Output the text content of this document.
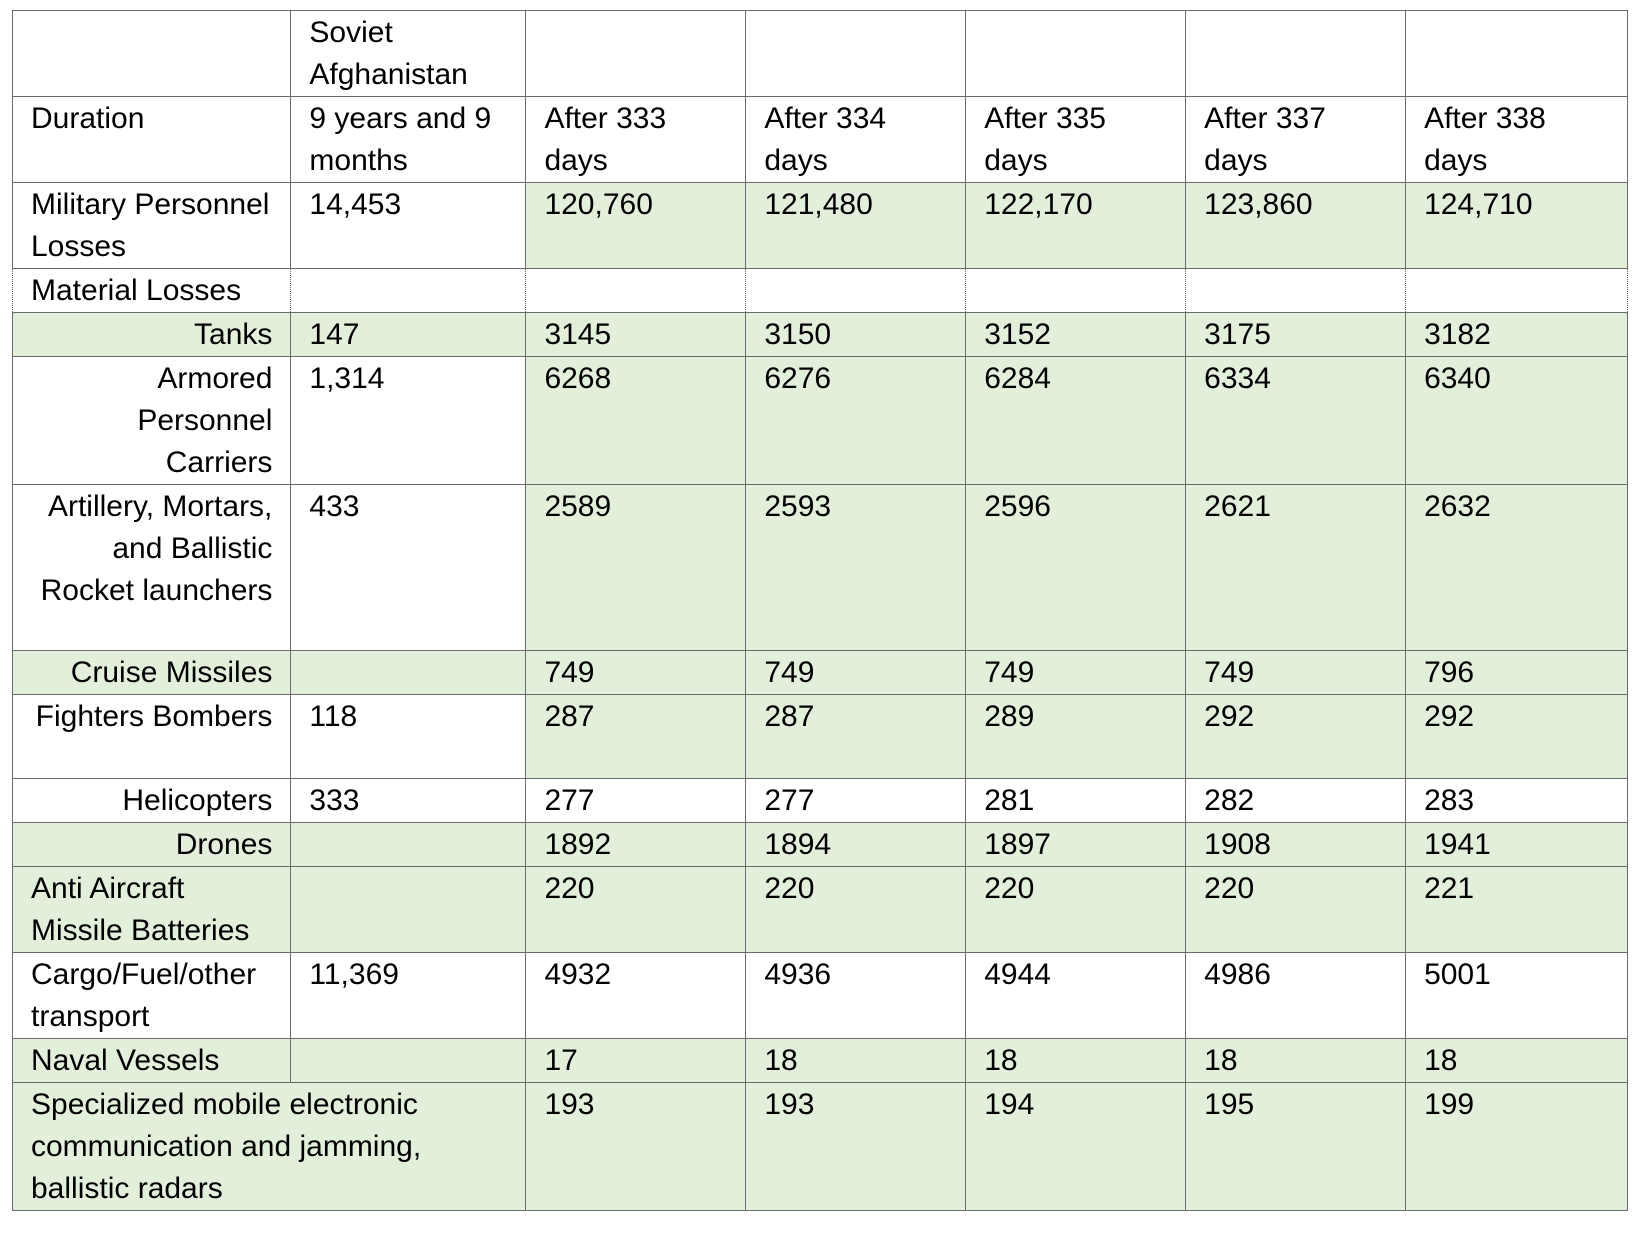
	Soviet Afghanistan					
Duration	9 years and 9 months	After 333 days	After 334 days	After 335 days	After 337 days	After 338 days
Military Personnel Losses	14,453	120,760	121,480	122,170	123,860	124,710
Material Losses						
Tanks	147	3145	3150	3152	3175	3182
Armored Personnel Carriers	1,314	6268	6276	6284	6334	6340
Artillery, Mortars, and Ballistic Rocket launchers	433	2589	2593	2596	2621	2632
Cruise Missiles		749	749	749	749	796
Fighters Bombers	118	287	287	289	292	292
Helicopters	333	277	277	281	282	283
Drones		1892	1894	1897	1908	1941
Anti Aircraft Missile Batteries		220	220	220	220	221
Cargo/Fuel/other transport	11,369	4932	4936	4944	4986	5001
Naval Vessels		17	18	18	18	18
Specialized mobile electronic communication and jamming, ballistic radars		193	193	194	195	199
